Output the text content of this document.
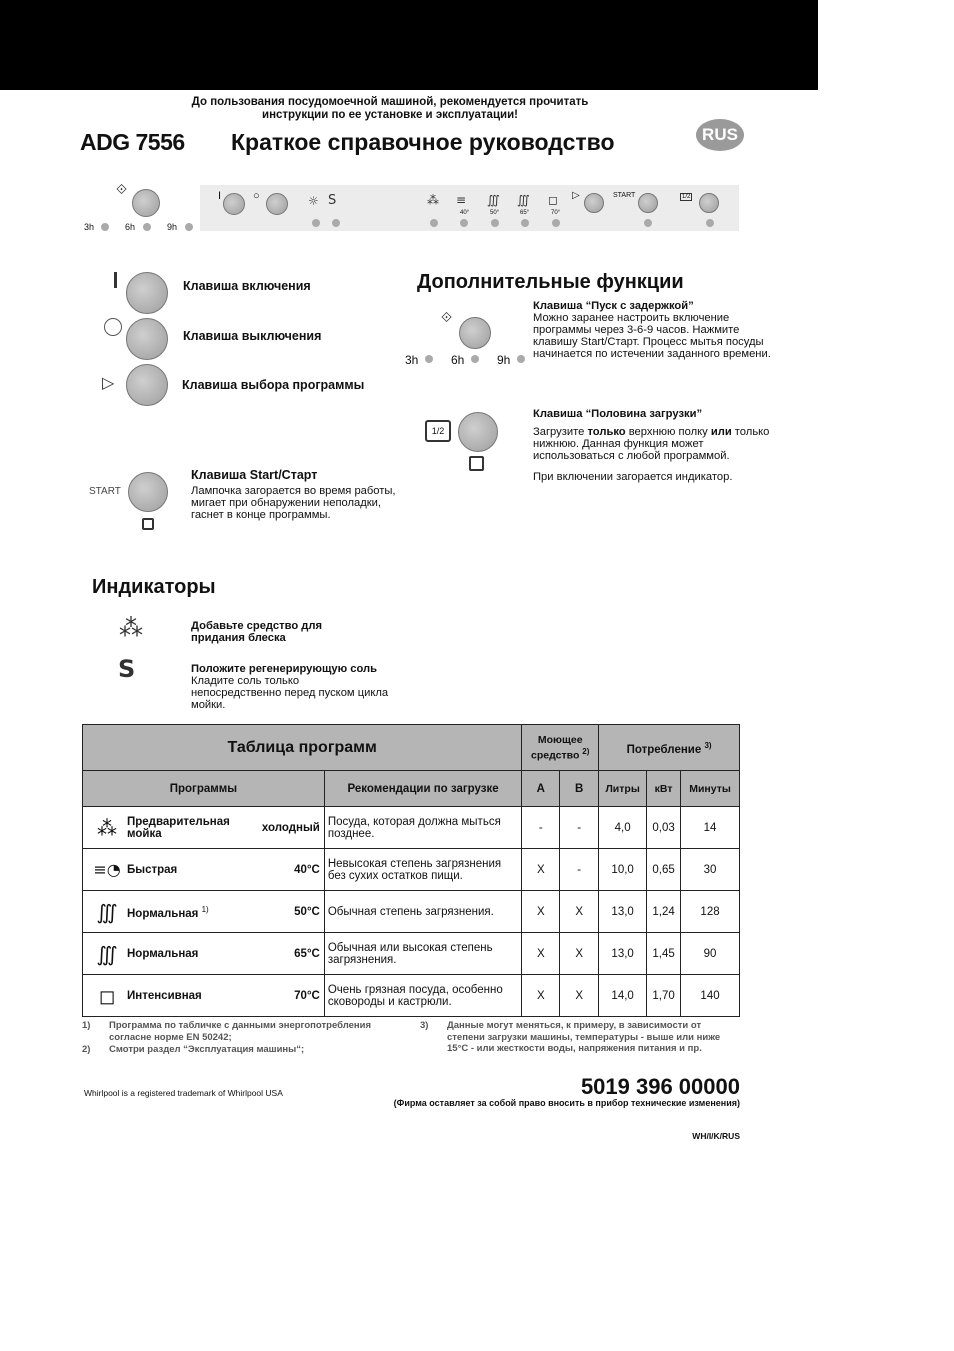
До пользования посудомоечной машиной, рекомендуется прочитать
инструкции по ее установке и эксплуатации!
ADG 7556 Краткое справочное руководство	RUS
⟐
3h	6h	9h
I	○	☼ S	⁂ ≡ ∭ ∭ ◻
40°	50°	65°	70°
▷	START	1/2
Клавиша включения
Клавиша выключения
▷	Клавиша выбора программы
START
Клавиша Start/Старт
Лампочка загорается во время работы, мигает при обнаружении неполадки, гаснет в конце программы.
Дополнительные функции
⟐
3h	6h	9h
Клавиша “Пуск с задержкой”
Можно заранее настроить включение программы через 3-6-9 часов. Нажмите клавишу Start/Старт. Процесс мытья посуды начинается по истечении заданного времени.
1/2
Клавиша “Половина загрузки”
Загрузите только верхнюю полку или только нижнюю. Данная функция может использоваться с любой программой.
При включении загорается индикатор.
Индикаторы
⁂	Добавьте средство для придания блеска
S	Положите регенерирующую соль
Кладите соль только непосредственно перед пуском цикла мойки.
Таблица программ		Моющее средство $^{2)}$		Потребление $^{3)}$
Программы	Рекомендации по загрузке	A	B	Литры	кВт	Минуты

⁂ Предварительная мойка холодный	Посуда, которая должна мыться позднее.	-	-	4,0	0,03	14

≡◔ Быстрая 40°C	Невысокая степень загрязнения без сухих остатков пищи.	X	-	10,0	0,65	30

∭ Нормальная $^{1)}$ 50°C	Обычная степень загрязнения.	X	X	13,0	1,24	128

∭ Нормальная 65°C	Обычная или высокая степень загрязнения.	X	X	13,0	1,45	90

◻ Интенсивная 70°C	Очень грязная посуда, особенно сковороды и кастрюли.	X	X	14,0	1,70	140
1) Программа по табличке с данными энергопотребления согласне норме EN 50242;
2) Смотри раздел “Эксплуатация машины“;
3) Данные могут меняться, к примеру, в зависимости от степени загрузки машины, температуры - выше или ниже 15°C - или жесткости воды, напряжения питания и пр.
Whirlpool is a registered trademark of Whirlpool USA	5019 396 00000
(Фирма оставляет за собой право вносить в прибор технические изменения)
WH/I/K/RUS
